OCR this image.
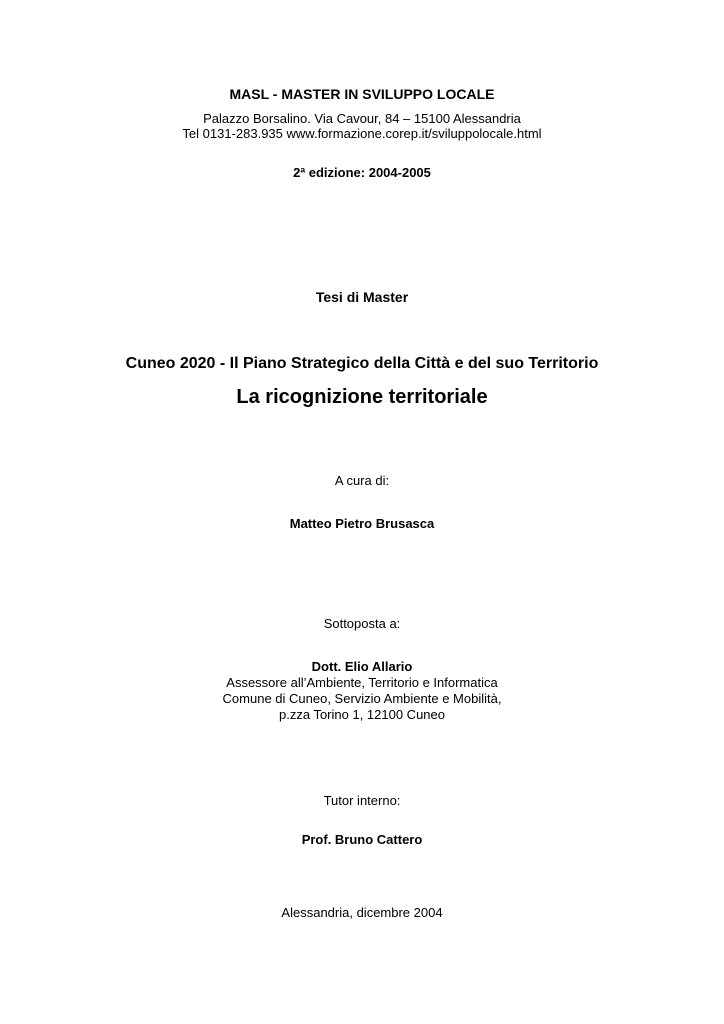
MASL - MASTER IN SVILUPPO LOCALE
Palazzo Borsalino. Via Cavour, 84 – 15100 Alessandria
Tel 0131-283.935 www.formazione.corep.it/sviluppolocale.html
2ª edizione: 2004-2005
Tesi di Master
Cuneo 2020 - Il Piano Strategico della Città e del suo Territorio
La ricognizione territoriale
A cura di:
Matteo Pietro Brusasca
Sottoposta a:
Dott. Elio Allario
Assessore all’Ambiente, Territorio e Informatica
Comune di Cuneo, Servizio Ambiente e Mobilità,
p.zza Torino 1, 12100 Cuneo
Tutor interno:
Prof. Bruno Cattero
Alessandria, dicembre 2004
